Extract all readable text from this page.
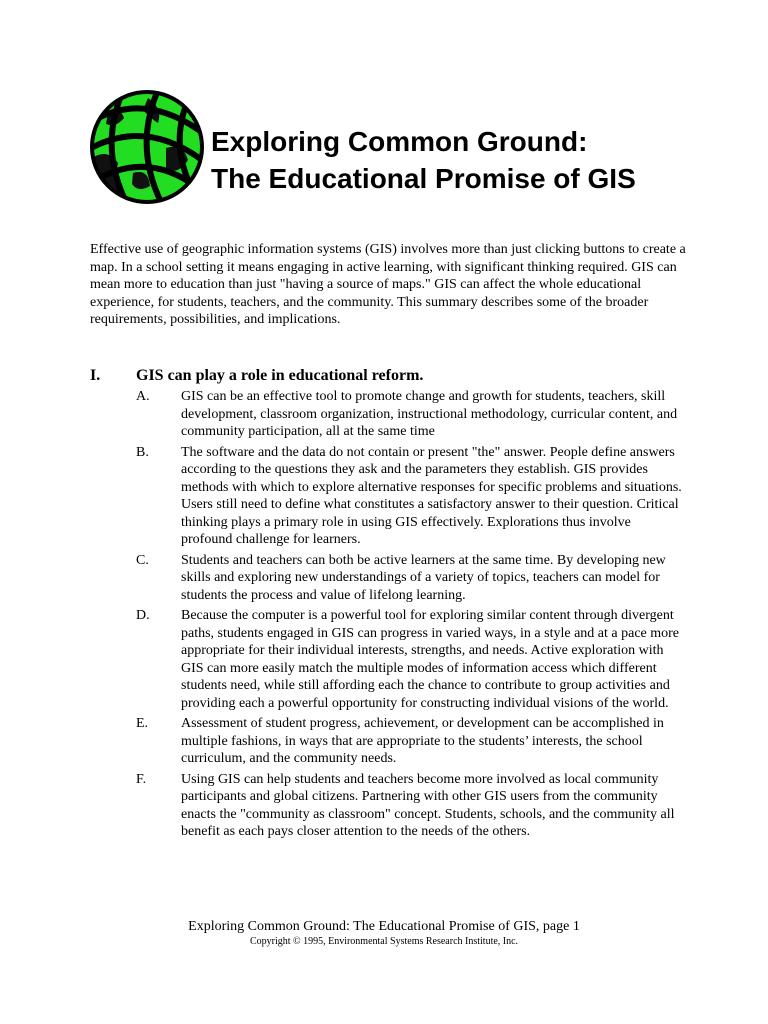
Exploring Common Ground:
The Educational Promise of GIS
Effective use of geographic information systems (GIS) involves more than just clicking buttons to create a map. In a school setting it means engaging in active learning, with significant thinking required. GIS can mean more to education than just "having a source of maps." GIS can affect the whole educational experience, for students, teachers, and the community. This summary describes some of the broader requirements, possibilities, and implications.
I. GIS can play a role in educational reform.
A. GIS can be an effective tool to promote change and growth for students, teachers, skill development, classroom organization, instructional methodology, curricular content, and community participation, all at the same time
B. The software and the data do not contain or present "the" answer. People define answers according to the questions they ask and the parameters they establish. GIS provides methods with which to explore alternative responses for specific problems and situations. Users still need to define what constitutes a satisfactory answer to their question. Critical thinking plays a primary role in using GIS effectively. Explorations thus involve profound challenge for learners.
C. Students and teachers can both be active learners at the same time. By developing new skills and exploring new understandings of a variety of topics, teachers can model for students the process and value of lifelong learning.
D. Because the computer is a powerful tool for exploring similar content through divergent paths, students engaged in GIS can progress in varied ways, in a style and at a pace more appropriate for their individual interests, strengths, and needs. Active exploration with GIS can more easily match the multiple modes of information access which different students need, while still affording each the chance to contribute to group activities and providing each a powerful opportunity for constructing individual visions of the world.
E. Assessment of student progress, achievement, or development can be accomplished in multiple fashions, in ways that are appropriate to the students’ interests, the school curriculum, and the community needs.
F. Using GIS can help students and teachers become more involved as local community participants and global citizens. Partnering with other GIS users from the community enacts the "community as classroom" concept. Students, schools, and the community all benefit as each pays closer attention to the needs of the others.
Exploring Common Ground: The Educational Promise of GIS, page 1
Copyright © 1995, Environmental Systems Research Institute, Inc.
